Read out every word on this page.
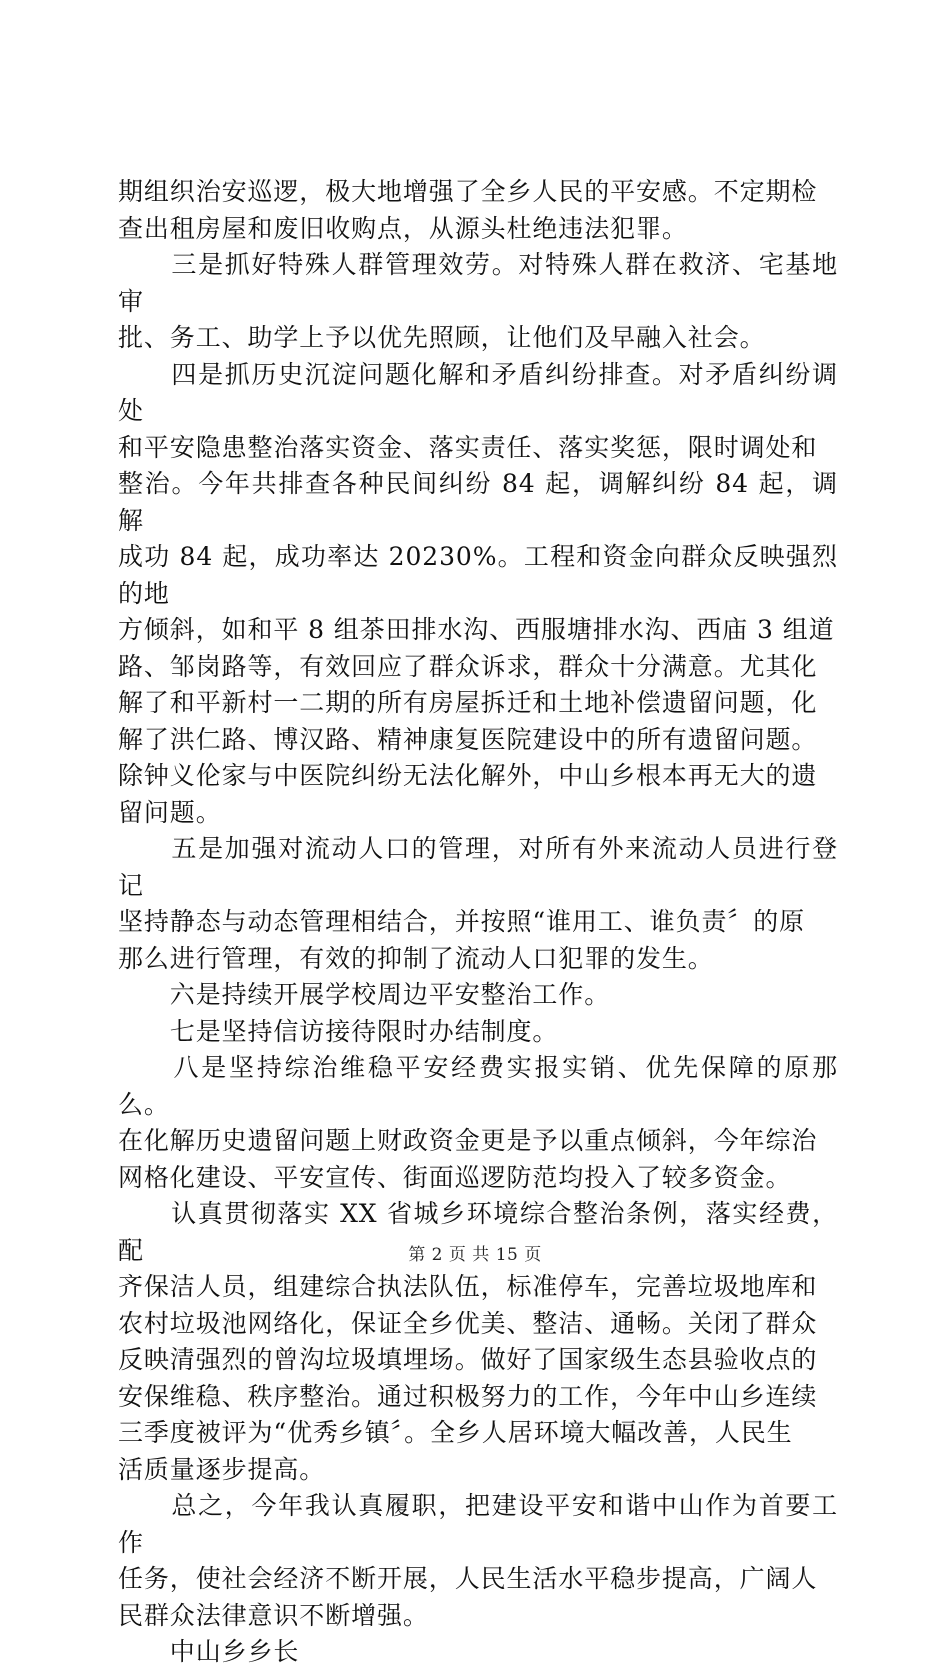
期组织治安巡逻，极大地增强了全乡人民的平安感。不定期检

查出租房屋和废旧收购点，从源头杜绝违法犯罪。

　　三是抓好特殊人群管理效劳。对特殊人群在救济、宅基地审

批、务工、助学上予以优先照顾，让他们及早融入社会。

　　四是抓历史沉淀问题化解和矛盾纠纷排查。对矛盾纠纷调处

和平安隐患整治落实资金、落实责任、落实奖惩，限时调处和

整治。今年共排查各种民间纠纷 84 起，调解纠纷 84 起，调解

成功 84 起，成功率达 20230%。工程和资金向群众反映强烈的地

方倾斜，如和平 8 组茶田排水沟、西服塘排水沟、西庙 3 组道

路、邹岗路等，有效回应了群众诉求，群众十分满意。尤其化

解了和平新村一二期的所有房屋拆迁和土地补偿遗留问题，化

解了洪仁路、博汉路、精神康复医院建设中的所有遗留问题。

除钟义伦家与中医院纠纷无法化解外，中山乡根本再无大的遗

留问题。

　　五是加强对流动人口的管理，对所有外来流动人员进行登记

坚持静态与动态管理相结合，并按照“谁用工、谁负责〞的原

那么进行管理，有效的抑制了流动人口犯罪的发生。

　　六是持续开展学校周边平安整治工作。

　　七是坚持信访接待限时办结制度。

　　八是坚持综治维稳平安经费实报实销、优先保障的原那么。

在化解历史遗留问题上财政资金更是予以重点倾斜，今年综治

网格化建设、平安宣传、街面巡逻防范均投入了较多资金。

　　认真贯彻落实 XX 省城乡环境综合整治条例，落实经费，配

齐保洁人员，组建综合执法队伍，标准停车，完善垃圾地库和

农村垃圾池网络化，保证全乡优美、整洁、通畅。关闭了群众

反映清强烈的曾沟垃圾填埋场。做好了国家级生态县验收点的

安保维稳、秩序整治。通过积极努力的工作，今年中山乡连续

三季度被评为“优秀乡镇〞。全乡人居环境大幅改善，人民生

活质量逐步提高。

　　总之，今年我认真履职，把建设平安和谐中山作为首要工作

任务，使社会经济不断开展，人民生活水平稳步提高，广阔人

民群众法律意识不断增强。

　　中山乡乡长

第 2 页 共 15 页
